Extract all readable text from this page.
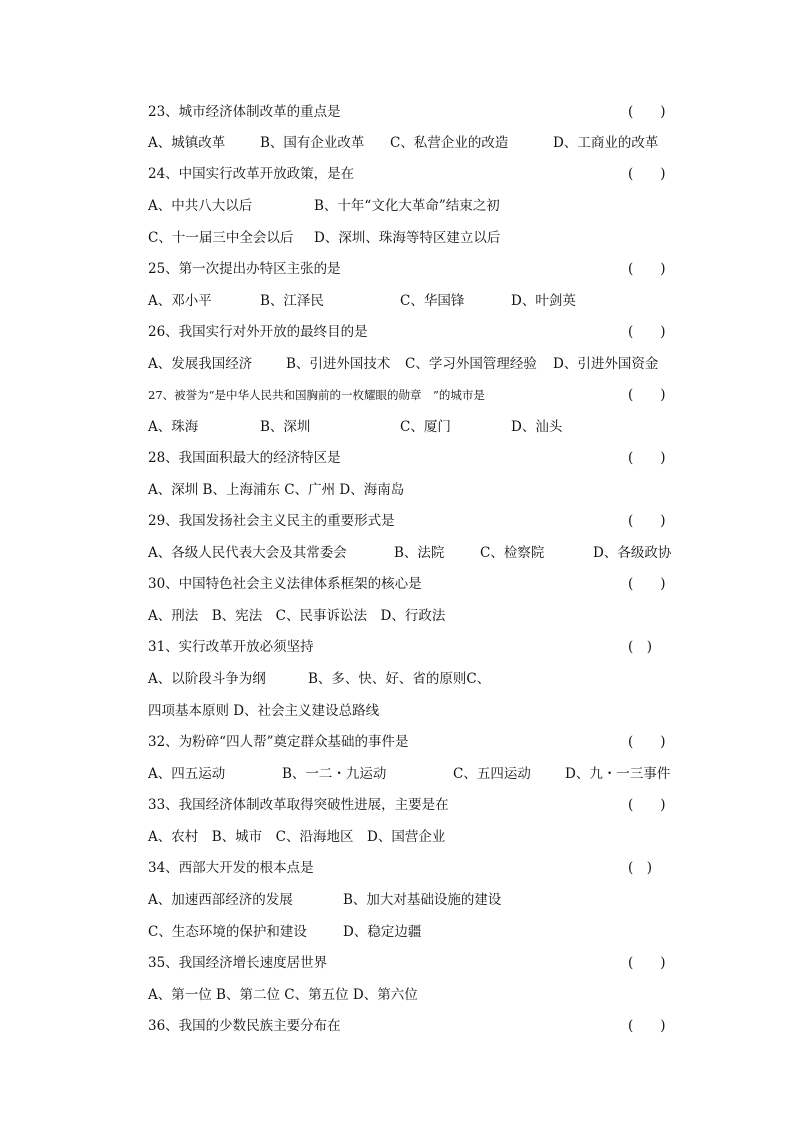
23、城市经济体制改革的重点是	(　　)
A、城镇改革	B、国有企业改革 C、私营企业的改造	D、工商业的改革
24、中国实行改革开放政策，是在	(　　)
A、中共八大以后	B、十年“文化大革命”结束之初
C、十一届三中全会以后 D、深圳、珠海等特区建立以后
25、第一次提出办特区主张的是	(　　)
A、邓小平	B、江泽民	C、华国锋	D、叶剑英
26、我国实行对外开放的最终目的是	(　　)
A、发展我国经济	B、引进外国技术 C、学习外国管理经验 D、引进外国资金
27、被誉为“是中华人民共和国胸前的一枚耀眼的勋章　”的城市是	(　　)
A、珠海	B、深圳	C、厦门	D、汕头
28、我国面积最大的经济特区是	(　　)
A、深圳 B、上海浦东 C、广州 D、海南岛
29、我国发扬社会主义民主的重要形式是	(　　)
A、各级人民代表大会及其常委会	B、法院	C、检察院	D、各级政协
30、中国特色社会主义法律体系框架的核心是	(　　)
A、刑法　B、宪法　C、民事诉讼法　D、行政法
31、实行改革开放必须坚持	(　)
A、以阶段斗争为纲	B、多、快、好、省的原则C、
四项基本原则 D、社会主义建设总路线
32、为粉碎“四人帮”奠定群众基础的事件是	(　　)
A、四五运动	B、一二・九运动	C、五四运动	D、九・一三事件
33、我国经济体制改革取得突破性进展，主要是在	(　　)
A、农村　B、城市　C、沿海地区　D、国营企业
34、西部大开发的根本点是	(　)
A、加速西部经济的发展	B、加大对基础设施的建设
C、生态环境的保护和建设	D、稳定边疆
35、我国经济增长速度居世界	(　　)
A、第一位 B、第二位 C、第五位 D、第六位
36、我国的少数民族主要分布在	(　　)
